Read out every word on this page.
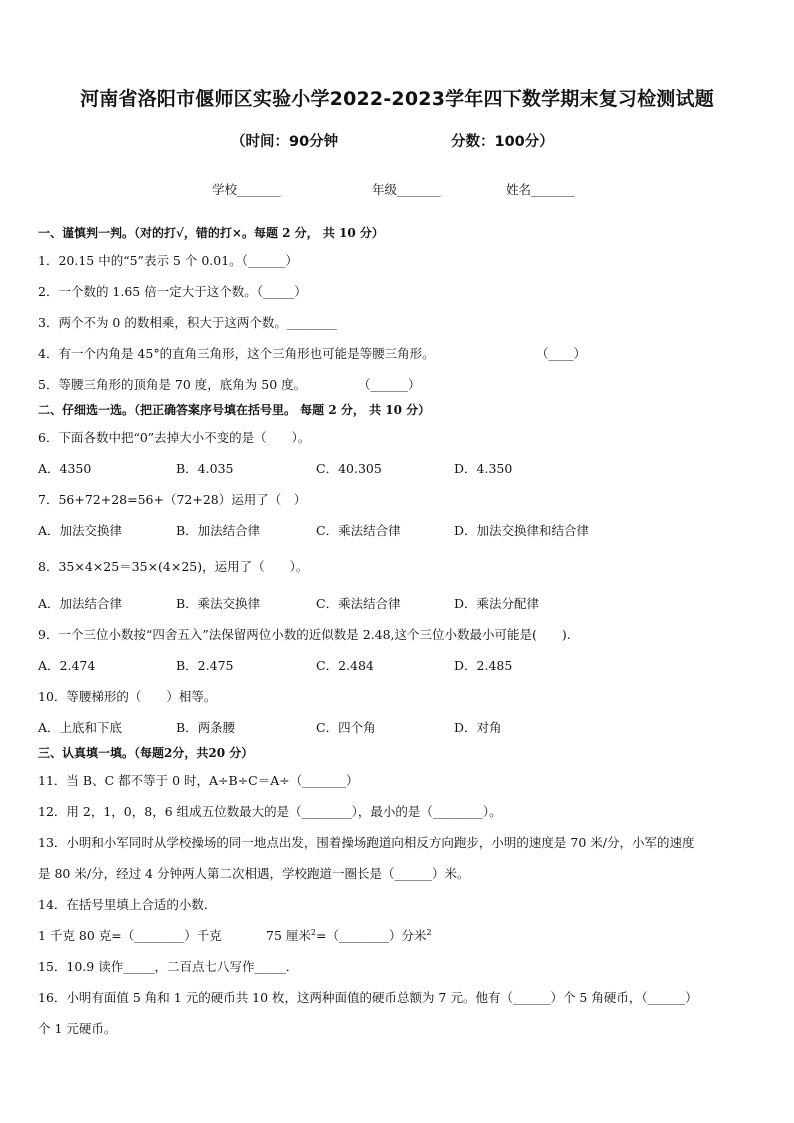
河南省洛阳市偃师区实验小学2022-2023学年四下数学期末复习检测试题
（时间：90分钟	分数：100分）
学校_______	年级_______	姓名_______
一、谨慎判一判。（对的打√，错的打×。每题 2 分， 共 10 分）
1．20.15 中的“5”表示 5 个 0.01。（______）
2．一个数的 1.65 倍一定大于这个数。（_____）
3．两个不为 0 的数相乘，积大于这两个数。________
4．有一个内角是 45°的直角三角形，这个三角形也可能是等腰三角形。	（____）
5．等腰三角形的顶角是 70 度，底角为 50 度。	（______）
二、仔细选一选。（把正确答案序号填在括号里。 每题 2 分， 共 10 分）
6．下面各数中把“0”去掉大小不变的是（　　）。
A．4350	B．4.035	C．40.305	D．4.350
7．56+72+28=56+（72+28）运用了（　）
A．加法交换律	B．加法结合律	C．乘法结合律	D．加法交换律和结合律
8．35×4×25＝35×(4×25)，运用了（　　）。
A．加法结合律	B．乘法交换律	C．乘法结合律	D．乘法分配律
9．一个三位小数按“四舍五入”法保留两位小数的近似数是 2.48,这个三位小数最小可能是(　　).
A．2.474	B．2.475	C．2.484	D．2.485
10．等腰梯形的（　　）相等。
A．上底和下底	B．两条腰	C．四个角	D．对角
三、认真填一填。（每题2分，共20 分）
11．当 B、C 都不等于 0 时，A÷B÷C＝A÷（_______）
12．用 2，1，0，8，6 组成五位数最大的是（________），最小的是（________）。
13．小明和小军同时从学校操场的同一地点出发，围着操场跑道向相反方向跑步，小明的速度是 70 米/分，小军的速度
是 80 米/分，经过 4 分钟两人第二次相遇，学校跑道一圈长是（______）米。
14．在括号里填上合适的小数．
1 千克 80 克=（________）千克	75 厘米$^2$=（________）分米$^2$
15．10.9 读作_____，二百点七八写作_____．
16．小明有面值 5 角和 1 元的硬币共 10 枚，这两种面值的硬币总额为 7 元。他有（______）个 5 角硬币，（______）
个 1 元硬币。
